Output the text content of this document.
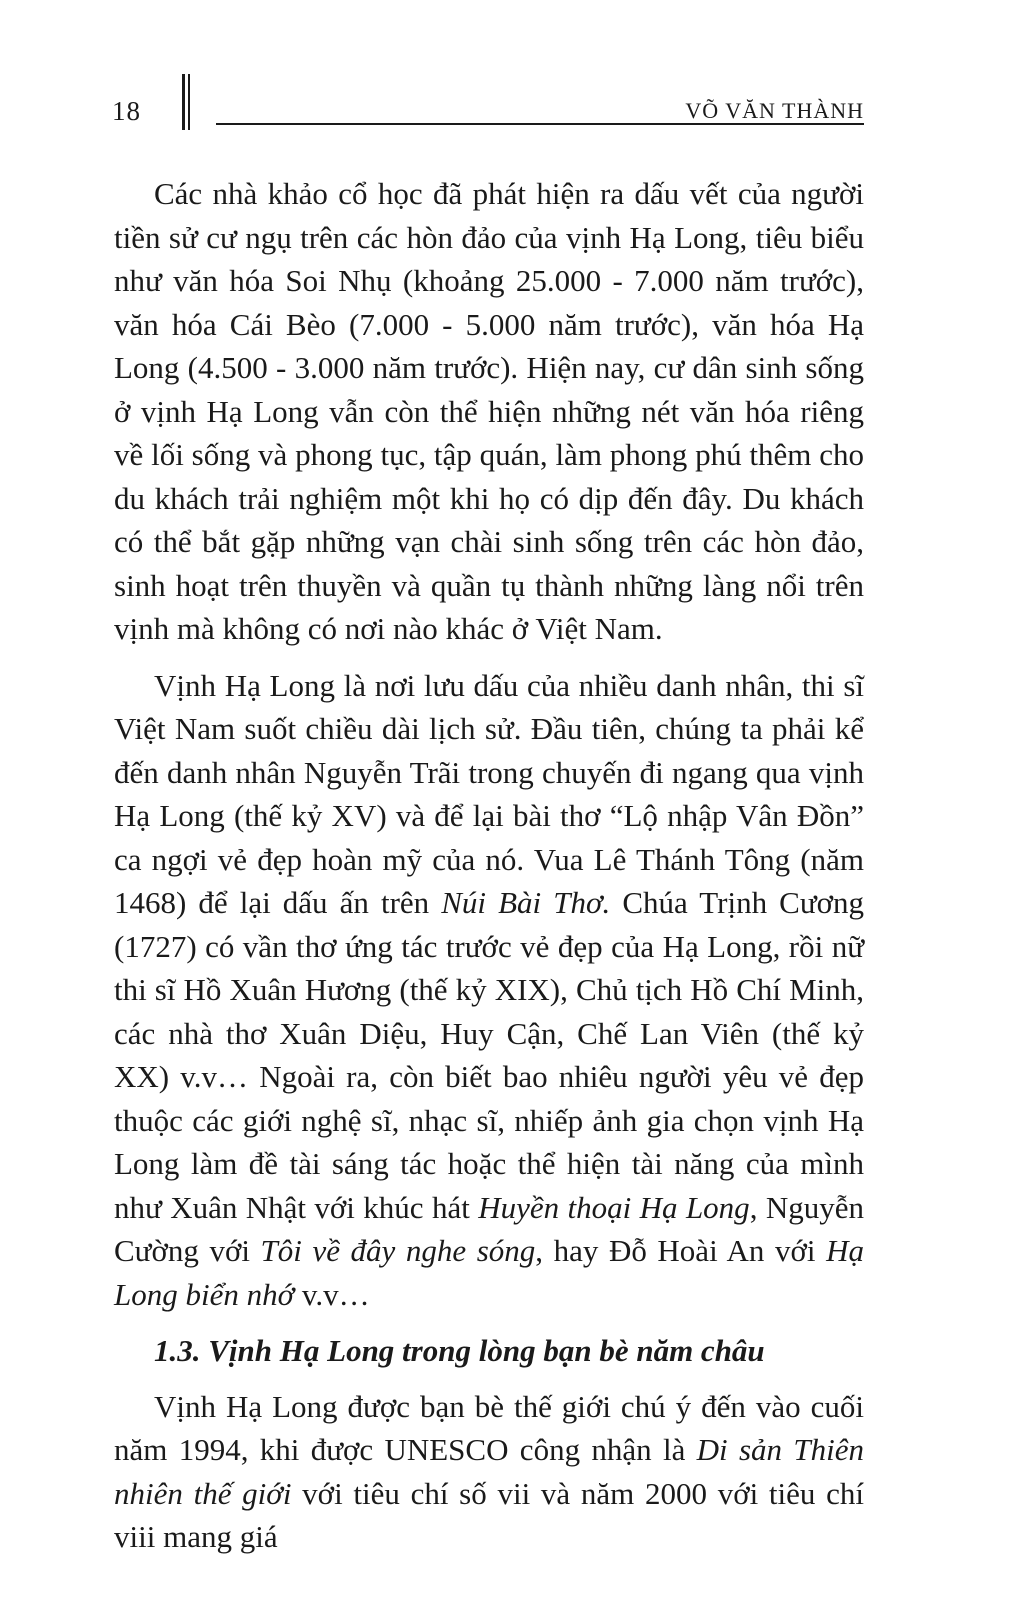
18	VÕ VĂN THÀNH

Các nhà khảo cổ học đã phát hiện ra dấu vết của người tiền sử cư ngụ trên các hòn đảo của vịnh Hạ Long, tiêu biểu như văn hóa Soi Nhụ (khoảng 25.000 - 7.000 năm trước), văn hóa Cái Bèo (7.000 - 5.000 năm trước), văn hóa Hạ Long (4.500 - 3.000 năm trước). Hiện nay, cư dân sinh sống ở vịnh Hạ Long vẫn còn thể hiện những nét văn hóa riêng về lối sống và phong tục, tập quán, làm phong phú thêm cho du khách trải nghiệm một khi họ có dịp đến đây. Du khách có thể bắt gặp những vạn chài sinh sống trên các hòn đảo, sinh hoạt trên thuyền và quần tụ thành những làng nổi trên vịnh mà không có nơi nào khác ở Việt Nam.

Vịnh Hạ Long là nơi lưu dấu của nhiều danh nhân, thi sĩ Việt Nam suốt chiều dài lịch sử. Đầu tiên, chúng ta phải kể đến danh nhân Nguyễn Trãi trong chuyến đi ngang qua vịnh Hạ Long (thế kỷ XV) và để lại bài thơ “Lộ nhập Vân Đồn” ca ngợi vẻ đẹp hoàn mỹ của nó. Vua Lê Thánh Tông (năm 1468) để lại dấu ấn trên Núi Bài Thơ. Chúa Trịnh Cương (1727) có vần thơ ứng tác trước vẻ đẹp của Hạ Long, rồi nữ thi sĩ Hồ Xuân Hương (thế kỷ XIX), Chủ tịch Hồ Chí Minh, các nhà thơ Xuân Diệu, Huy Cận, Chế Lan Viên (thế kỷ XX) v.v… Ngoài ra, còn biết bao nhiêu người yêu vẻ đẹp thuộc các giới nghệ sĩ, nhạc sĩ, nhiếp ảnh gia chọn vịnh Hạ Long làm đề tài sáng tác hoặc thể hiện tài năng của mình như Xuân Nhật với khúc hát Huyền thoại Hạ Long, Nguyễn Cường với Tôi về đây nghe sóng, hay Đỗ Hoài An với Hạ Long biển nhớ v.v…

1.3. Vịnh Hạ Long trong lòng bạn bè năm châu

Vịnh Hạ Long được bạn bè thế giới chú ý đến vào cuối năm 1994, khi được UNESCO công nhận là Di sản Thiên nhiên thế giới với tiêu chí số vii và năm 2000 với tiêu chí viii mang giá
